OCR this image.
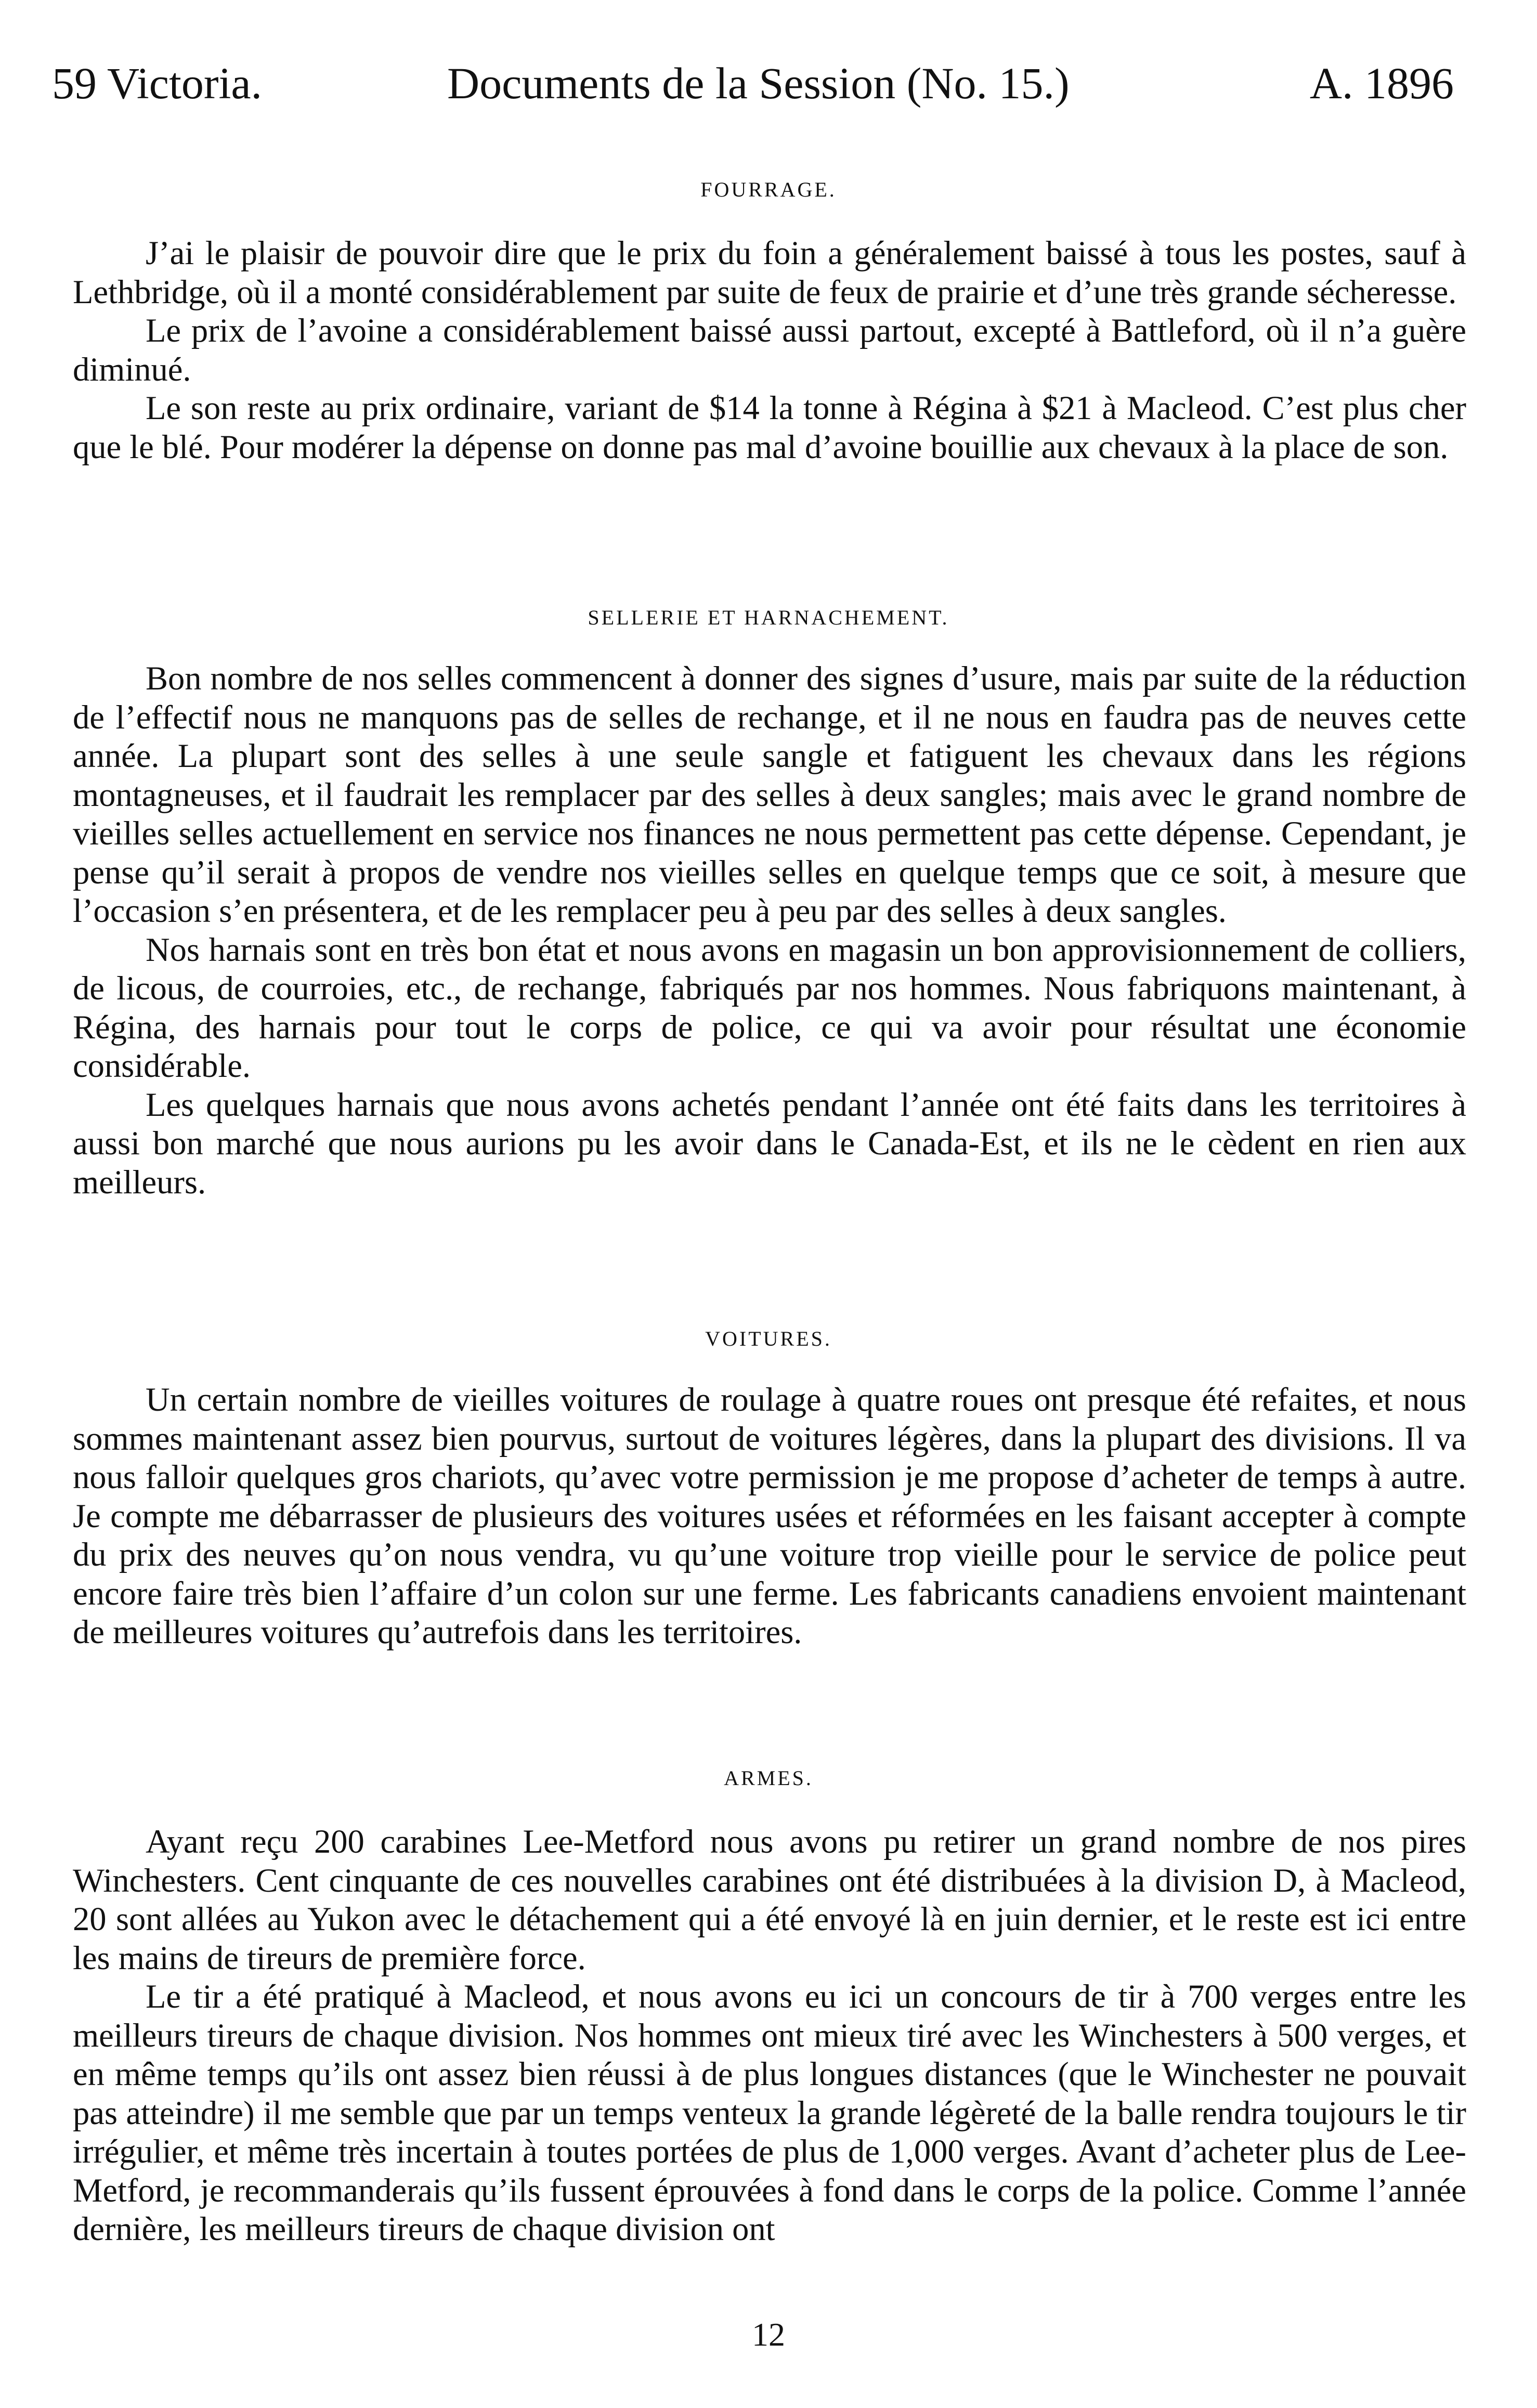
59 Victoria.	Documents de la Session (No. 15.)	A. 1896
FOURRAGE.

J’ai le plaisir de pouvoir dire que le prix du foin a généralement baissé à tous les postes, sauf à Lethbridge, où il a monté considérablement par suite de feux de prairie et d’une très grande sécheresse.

Le prix de l’avoine a considérablement baissé aussi partout, excepté à Battleford, où il n’a guère diminué.

Le son reste au prix ordinaire, variant de $14 la tonne à Régina à $21 à Macleod. C’est plus cher que le blé. Pour modérer la dépense on donne pas mal d’avoine bouillie aux chevaux à la place de son.

SELLERIE ET HARNACHEMENT.

Bon nombre de nos selles commencent à donner des signes d’usure, mais par suite de la réduction de l’effectif nous ne manquons pas de selles de rechange, et il ne nous en faudra pas de neuves cette année. La plupart sont des selles à une seule sangle et fatiguent les chevaux dans les régions montagneuses, et il faudrait les remplacer par des selles à deux sangles; mais avec le grand nombre de vieilles selles actuellement en service nos finances ne nous permettent pas cette dépense. Cependant, je pense qu’il serait à propos de vendre nos vieilles selles en quelque temps que ce soit, à mesure que l’occasion s’en présentera, et de les remplacer peu à peu par des selles à deux sangles.

Nos harnais sont en très bon état et nous avons en magasin un bon approvisionnement de colliers, de licous, de courroies, etc., de rechange, fabriqués par nos hommes. Nous fabriquons maintenant, à Régina, des harnais pour tout le corps de police, ce qui va avoir pour résultat une économie considérable.

Les quelques harnais que nous avons achetés pendant l’année ont été faits dans les territoires à aussi bon marché que nous aurions pu les avoir dans le Canada-Est, et ils ne le cèdent en rien aux meilleurs.

VOITURES.

Un certain nombre de vieilles voitures de roulage à quatre roues ont presque été refaites, et nous sommes maintenant assez bien pourvus, surtout de voitures légères, dans la plupart des divisions. Il va nous falloir quelques gros chariots, qu’avec votre permission je me propose d’acheter de temps à autre. Je compte me débarrasser de plusieurs des voitures usées et réformées en les faisant accepter à compte du prix des neuves qu’on nous vendra, vu qu’une voiture trop vieille pour le service de police peut encore faire très bien l’affaire d’un colon sur une ferme. Les fabricants canadiens envoient maintenant de meilleures voitures qu’autrefois dans les territoires.

ARMES.

Ayant reçu 200 carabines Lee-Metford nous avons pu retirer un grand nombre de nos pires Winchesters. Cent cinquante de ces nouvelles carabines ont été distribuées à la division D, à Macleod, 20 sont allées au Yukon avec le détachement qui a été envoyé là en juin dernier, et le reste est ici entre les mains de tireurs de première force.

Le tir a été pratiqué à Macleod, et nous avons eu ici un concours de tir à 700 verges entre les meilleurs tireurs de chaque division. Nos hommes ont mieux tiré avec les Winchesters à 500 verges, et en même temps qu’ils ont assez bien réussi à de plus longues distances (que le Winchester ne pouvait pas atteindre) il me semble que par un temps venteux la grande légèreté de la balle rendra toujours le tir irrégulier, et même très incertain à toutes portées de plus de 1,000 verges. Avant d’acheter plus de Lee-Metford, je recommanderais qu’ils fussent éprouvées à fond dans le corps de la police. Comme l’année dernière, les meilleurs tireurs de chaque division ont

12
